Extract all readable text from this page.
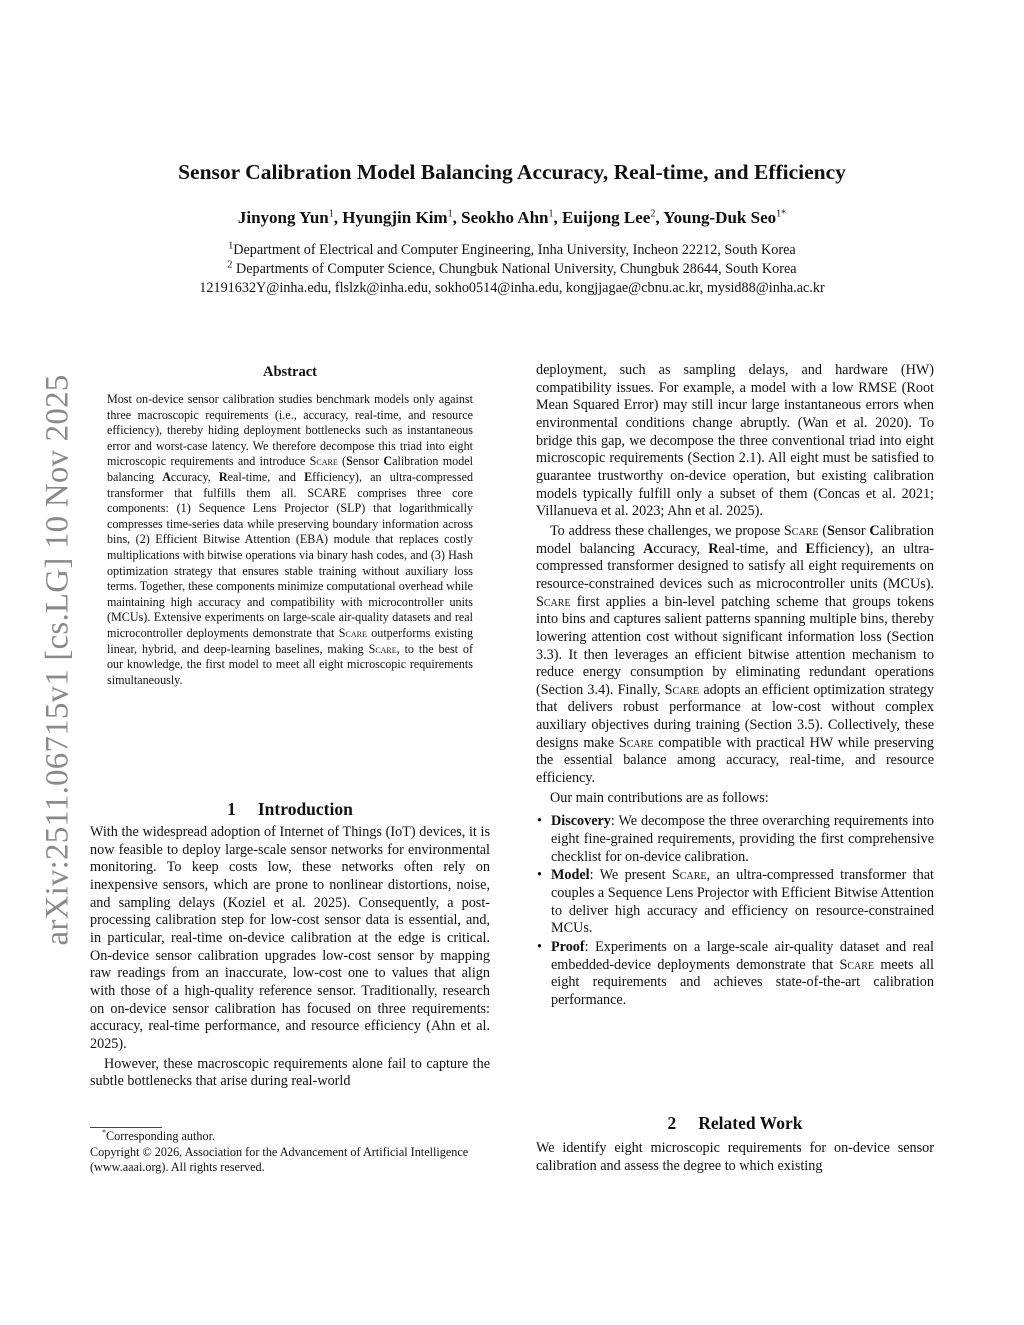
arXiv:2511.06715v1 [cs.LG] 10 Nov 2025
Sensor Calibration Model Balancing Accuracy, Real-time, and Efficiency
Jinyong Yun$^1$, Hyungjin Kim$^1$, Seokho Ahn$^1$, Euijong Lee$^2$, Young-Duk Seo$^{1*}$
$^1$Department of Electrical and Computer Engineering, Inha University, Incheon 22212, South Korea
$^2$ Departments of Computer Science, Chungbuk National University, Chungbuk 28644, South Korea
12191632Y@inha.edu, flslzk@inha.edu, sokho0514@inha.edu, kongjjagae@cbnu.ac.kr, mysid88@inha.ac.kr
Abstract

Most on-device sensor calibration studies benchmark models only against three macroscopic requirements (i.e., accuracy, real-time, and resource efficiency), thereby hiding deployment bottlenecks such as instantaneous error and worst-case latency. We therefore decompose this triad into eight microscopic requirements and introduce Scare (Sensor Calibration model balancing Accuracy, Real-time, and Efficiency), an ultra-compressed transformer that fulfills them all. SCARE comprises three core components: (1) Sequence Lens Projector (SLP) that logarithmically compresses time-series data while preserving boundary information across bins, (2) Efficient Bitwise Attention (EBA) module that replaces costly multiplications with bitwise operations via binary hash codes, and (3) Hash optimization strategy that ensures stable training without auxiliary loss terms. Together, these components minimize computational overhead while maintaining high accuracy and compatibility with microcontroller units (MCUs). Extensive experiments on large-scale air-quality datasets and real microcontroller deployments demonstrate that Scare outperforms existing linear, hybrid, and deep-learning baselines, making Scare, to the best of our knowledge, the first model to meet all eight microscopic requirements simultaneously.

1 Introduction

With the widespread adoption of Internet of Things (IoT) devices, it is now feasible to deploy large-scale sensor networks for environmental monitoring. To keep costs low, these networks often rely on inexpensive sensors, which are prone to nonlinear distortions, noise, and sampling delays (Koziel et al. 2025). Consequently, a post-processing calibration step for low-cost sensor data is essential, and, in particular, real-time on-device calibration at the edge is critical. On-device sensor calibration upgrades low-cost sensor by mapping raw readings from an inaccurate, low-cost one to values that align with those of a high-quality reference sensor. Traditionally, research on on-device sensor calibration has focused on three requirements: accuracy, real-time performance, and resource efficiency (Ahn et al. 2025).

However, these macroscopic requirements alone fail to capture the subtle bottlenecks that arise during real-world

*Corresponding author.
Copyright © 2026, Association for the Advancement of Artificial Intelligence (www.aaai.org). All rights reserved.

deployment, such as sampling delays, and hardware (HW) compatibility issues. For example, a model with a low RMSE (Root Mean Squared Error) may still incur large instantaneous errors when environmental conditions change abruptly. (Wan et al. 2020). To bridge this gap, we decompose the three conventional triad into eight microscopic requirements (Section 2.1). All eight must be satisfied to guarantee trustworthy on-device operation, but existing calibration models typically fulfill only a subset of them (Concas et al. 2021; Villanueva et al. 2023; Ahn et al. 2025).

To address these challenges, we propose Scare (Sensor Calibration model balancing Accuracy, Real-time, and Efficiency), an ultra-compressed transformer designed to satisfy all eight requirements on resource-constrained devices such as microcontroller units (MCUs). Scare first applies a bin-level patching scheme that groups tokens into bins and captures salient patterns spanning multiple bins, thereby lowering attention cost without significant information loss (Section 3.3). It then leverages an efficient bitwise attention mechanism to reduce energy consumption by eliminating redundant operations (Section 3.4). Finally, Scare adopts an efficient optimization strategy that delivers robust performance at low-cost without complex auxiliary objectives during training (Section 3.5). Collectively, these designs make Scare compatible with practical HW while preserving the essential balance among accuracy, real-time, and resource efficiency.

Our main contributions are as follows:

• Discovery: We decompose the three overarching requirements into eight fine-grained requirements, providing the first comprehensive checklist for on-device calibration.
• Model: We present Scare, an ultra-compressed transformer that couples a Sequence Lens Projector with Efficient Bitwise Attention to deliver high accuracy and efficiency on resource-constrained MCUs.
• Proof: Experiments on a large-scale air-quality dataset and real embedded-device deployments demonstrate that Scare meets all eight requirements and achieves state-of-the-art calibration performance.
2 Related Work

We identify eight microscopic requirements for on-device sensor calibration and assess the degree to which existing
